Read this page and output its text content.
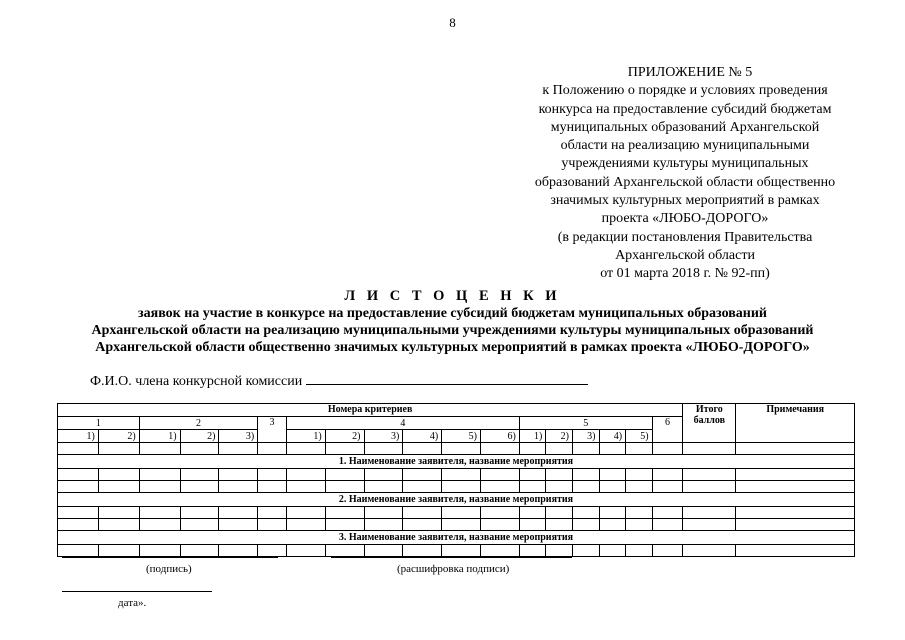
8
ПРИЛОЖЕНИЕ № 5
к Положению о порядке и условиях проведения
конкурса на предоставление субсидий бюджетам
муниципальных образований Архангельской
области на реализацию муниципальными
учреждениями культуры муниципальных
образований Архангельской области общественно
значимых культурных мероприятий в рамках
проекта «ЛЮБО-ДОРОГО»
(в редакции постановления Правительства
Архангельской области
от 01 марта 2018 г. № 92-пп)
Л И С Т О Ц Е Н К И
заявок на участие в конкурсе на предоставление субсидий бюджетам муниципальных образований
Архангельской области на реализацию муниципальными учреждениями культуры муниципальных образований
Архангельской области общественно значимых культурных мероприятий в рамках проекта «ЛЮБО-ДОРОГО»
Ф.И.О. члена конкурсной комиссии
Номера критериев																		Итого баллов	Примечания
1		2			3	4						5					6		
1)	2)	1)	2)	3)		1)	2)	3)	4)	5)	6)	1)	2)	3)	4)	5)			

1. Наименование заявителя, название мероприятия																			

2. Наименование заявителя, название мероприятия																			

3. Наименование заявителя, название мероприятия																			

(подпись)	(расшифровка подписи)
дата».
